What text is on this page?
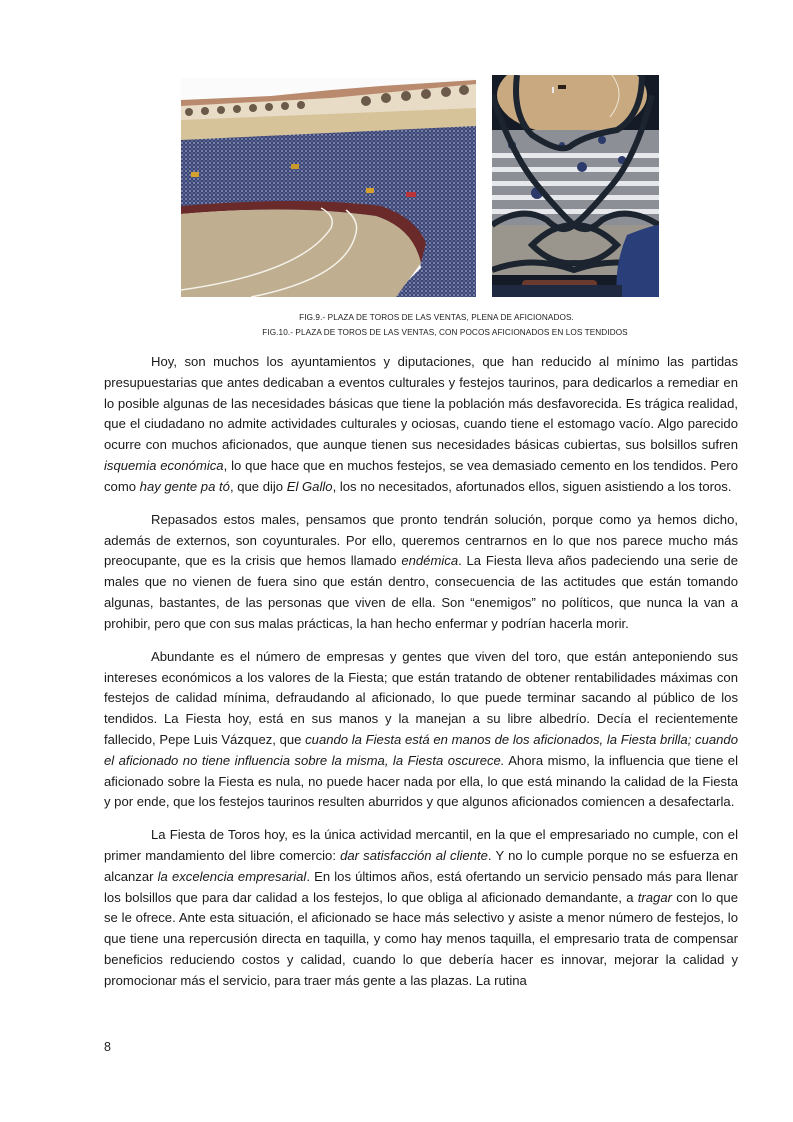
FIG.9.- PLAZA DE TOROS DE LAS VENTAS, PLENA DE AFICIONADOS.
FIG.10.- PLAZA DE TOROS DE LAS VENTAS, CON POCOS AFICIONADOS EN LOS TENDIDOS

Hoy, son muchos los ayuntamientos y diputaciones, que han reducido al mínimo las partidas presupuestarias que antes dedicaban a eventos culturales y festejos taurinos, para dedicarlos a remediar en lo posible algunas de las necesidades básicas que tiene la población más desfavorecida. Es trágica realidad, que el ciudadano no admite actividades culturales y ociosas, cuando tiene el estomago vacío. Algo parecido ocurre con muchos aficionados, que aunque tienen sus necesidades básicas cubiertas, sus bolsillos sufren isquemia económica, lo que hace que en muchos festejos, se vea demasiado cemento en los tendidos. Pero como hay gente pa tó, que dijo El Gallo, los no necesitados, afortunados ellos, siguen asistiendo a los toros.

Repasados estos males, pensamos que pronto tendrán solución, porque como ya hemos dicho, además de externos, son coyunturales. Por ello, queremos centrarnos en lo que nos parece mucho más preocupante, que es la crisis que hemos llamado endémica. La Fiesta lleva años padeciendo una serie de males que no vienen de fuera sino que están dentro, consecuencia de las actitudes que están tomando algunas, bastantes, de las personas que viven de ella. Son “enemigos” no políticos, que nunca la van a prohibir, pero que con sus malas prácticas, la han hecho enfermar y podrían hacerla morir.

Abundante es el número de empresas y gentes que viven del toro, que están anteponiendo sus intereses económicos a los valores de la Fiesta; que están tratando de obtener rentabilidades máximas con festejos de calidad mínima, defraudando al aficionado, lo que puede terminar sacando al público de los tendidos. La Fiesta hoy, está en sus manos y la manejan a su libre albedrío. Decía el recientemente fallecido, Pepe Luis Vázquez, que cuando la Fiesta está en manos de los aficionados, la Fiesta brilla; cuando el aficionado no tiene influencia sobre la misma, la Fiesta oscurece. Ahora mismo, la influencia que tiene el aficionado sobre la Fiesta es nula, no puede hacer nada por ella, lo que está minando la calidad de la Fiesta y por ende, que los festejos taurinos resulten aburridos y que algunos aficionados comiencen a desafectarla.

La Fiesta de Toros hoy, es la única actividad mercantil, en la que el empresariado no cumple, con el primer mandamiento del libre comercio: dar satisfacción al cliente. Y no lo cumple porque no se esfuerza en alcanzar la excelencia empresarial. En los últimos años, está ofertando un servicio pensado más para llenar los bolsillos que para dar calidad a los festejos, lo que obliga al aficionado demandante, a tragar con lo que se le ofrece. Ante esta situación, el aficionado se hace más selectivo y asiste a menor número de festejos, lo que tiene una repercusión directa en taquilla, y como hay menos taquilla, el empresario trata de compensar beneficios reduciendo costos y calidad, cuando lo que debería hacer es innovar, mejorar la calidad y promocionar más el servicio, para traer más gente a las plazas. La rutina

8
